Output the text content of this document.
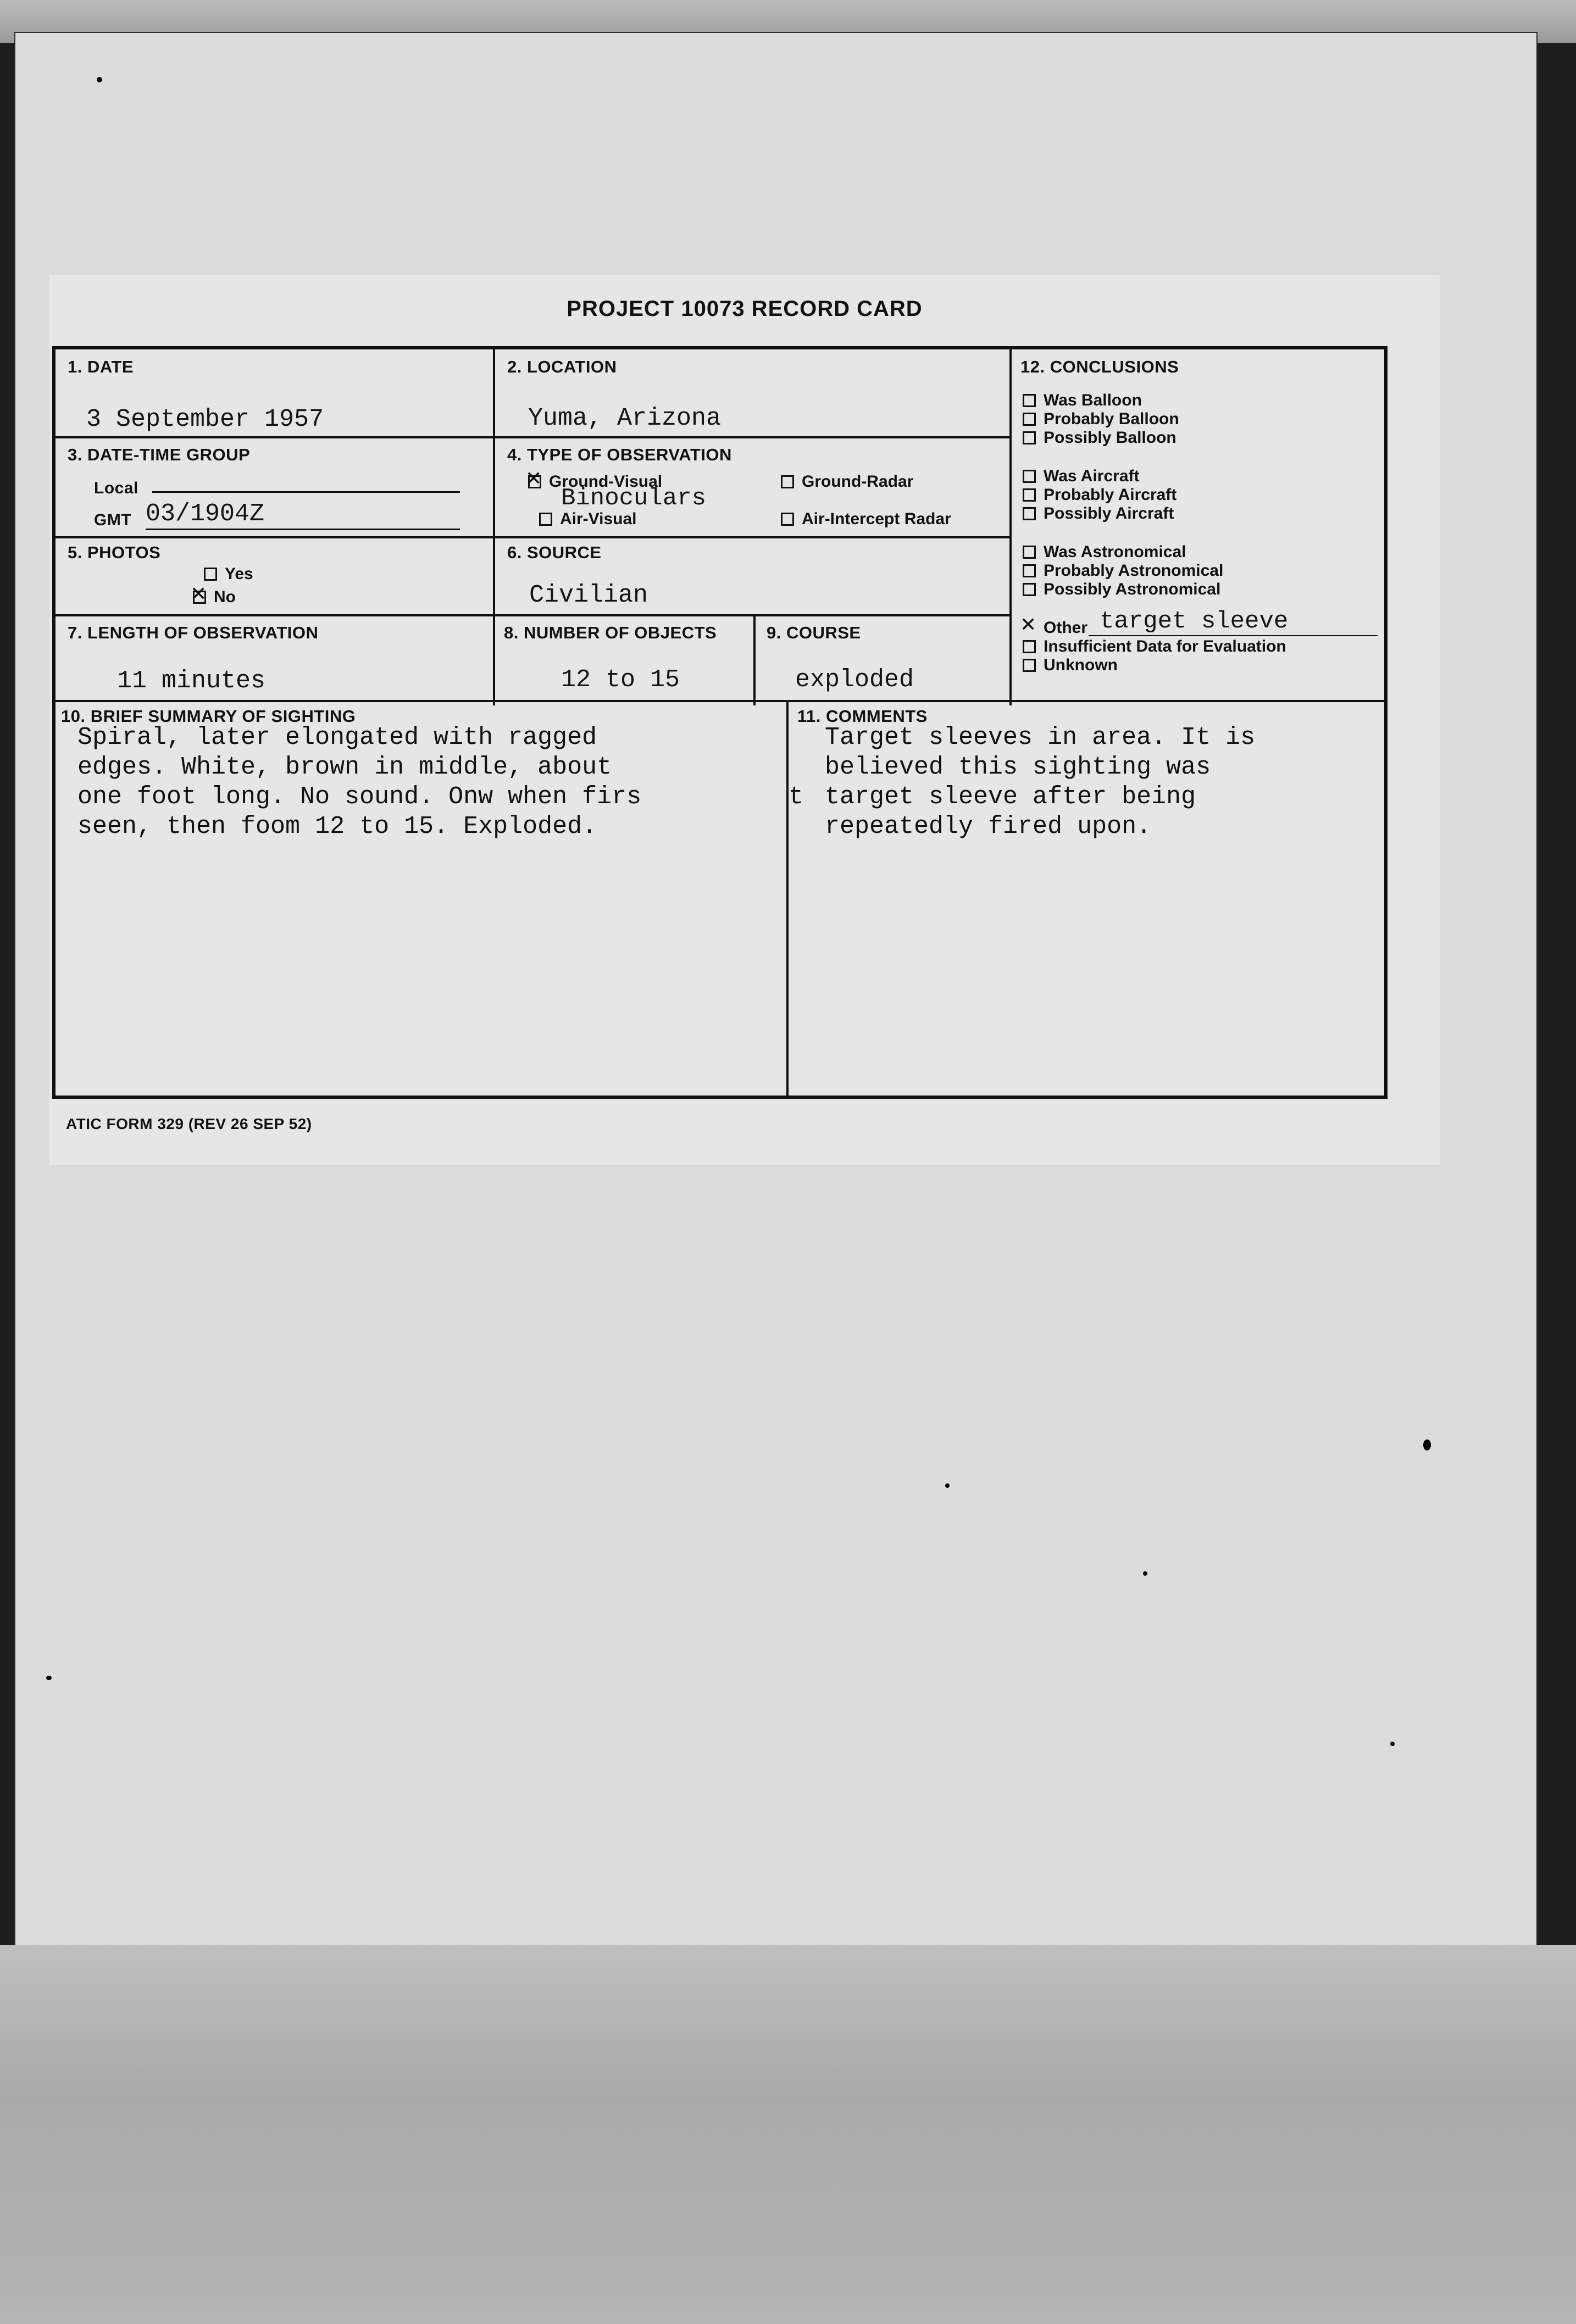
PROJECT 10073 RECORD CARD
1. DATE
3 September 1957
2. LOCATION
Yuma, Arizona
3. DATE-TIME GROUP
Local
GMT 03/1904Z
4. TYPE OF OBSERVATION
✕
Ground-Visual	Ground-Radar
Binoculars
Air-Visual	Air-Intercept Radar
5. PHOTOS
Yes
✕
No
6. SOURCE
Civilian
7. LENGTH OF OBSERVATION
11 minutes
8. NUMBER OF OBJECTS
12 to 15
9. COURSE
exploded
12. CONCLUSIONS
Was Balloon
Probably Balloon
Possibly Balloon
Was Aircraft
Probably Aircraft
Possibly Aircraft
Was Astronomical
Probably Astronomical
Possibly Astronomical
✕
Other target sleeve
Insufficient Data for Evaluation
Unknown
10. BRIEF SUMMARY OF SIGHTING
Spiral, later elongated with ragged
edges. White, brown in middle, about
one foot long. No sound. Onw when firs
seen, then foom 12 to 15. Exploded.
t
11. COMMENTS
Target sleeves in area. It is
believed this sighting was
target sleeve after being
repeatedly fired upon.
ATIC FORM 329 (REV 26 SEP 52)
